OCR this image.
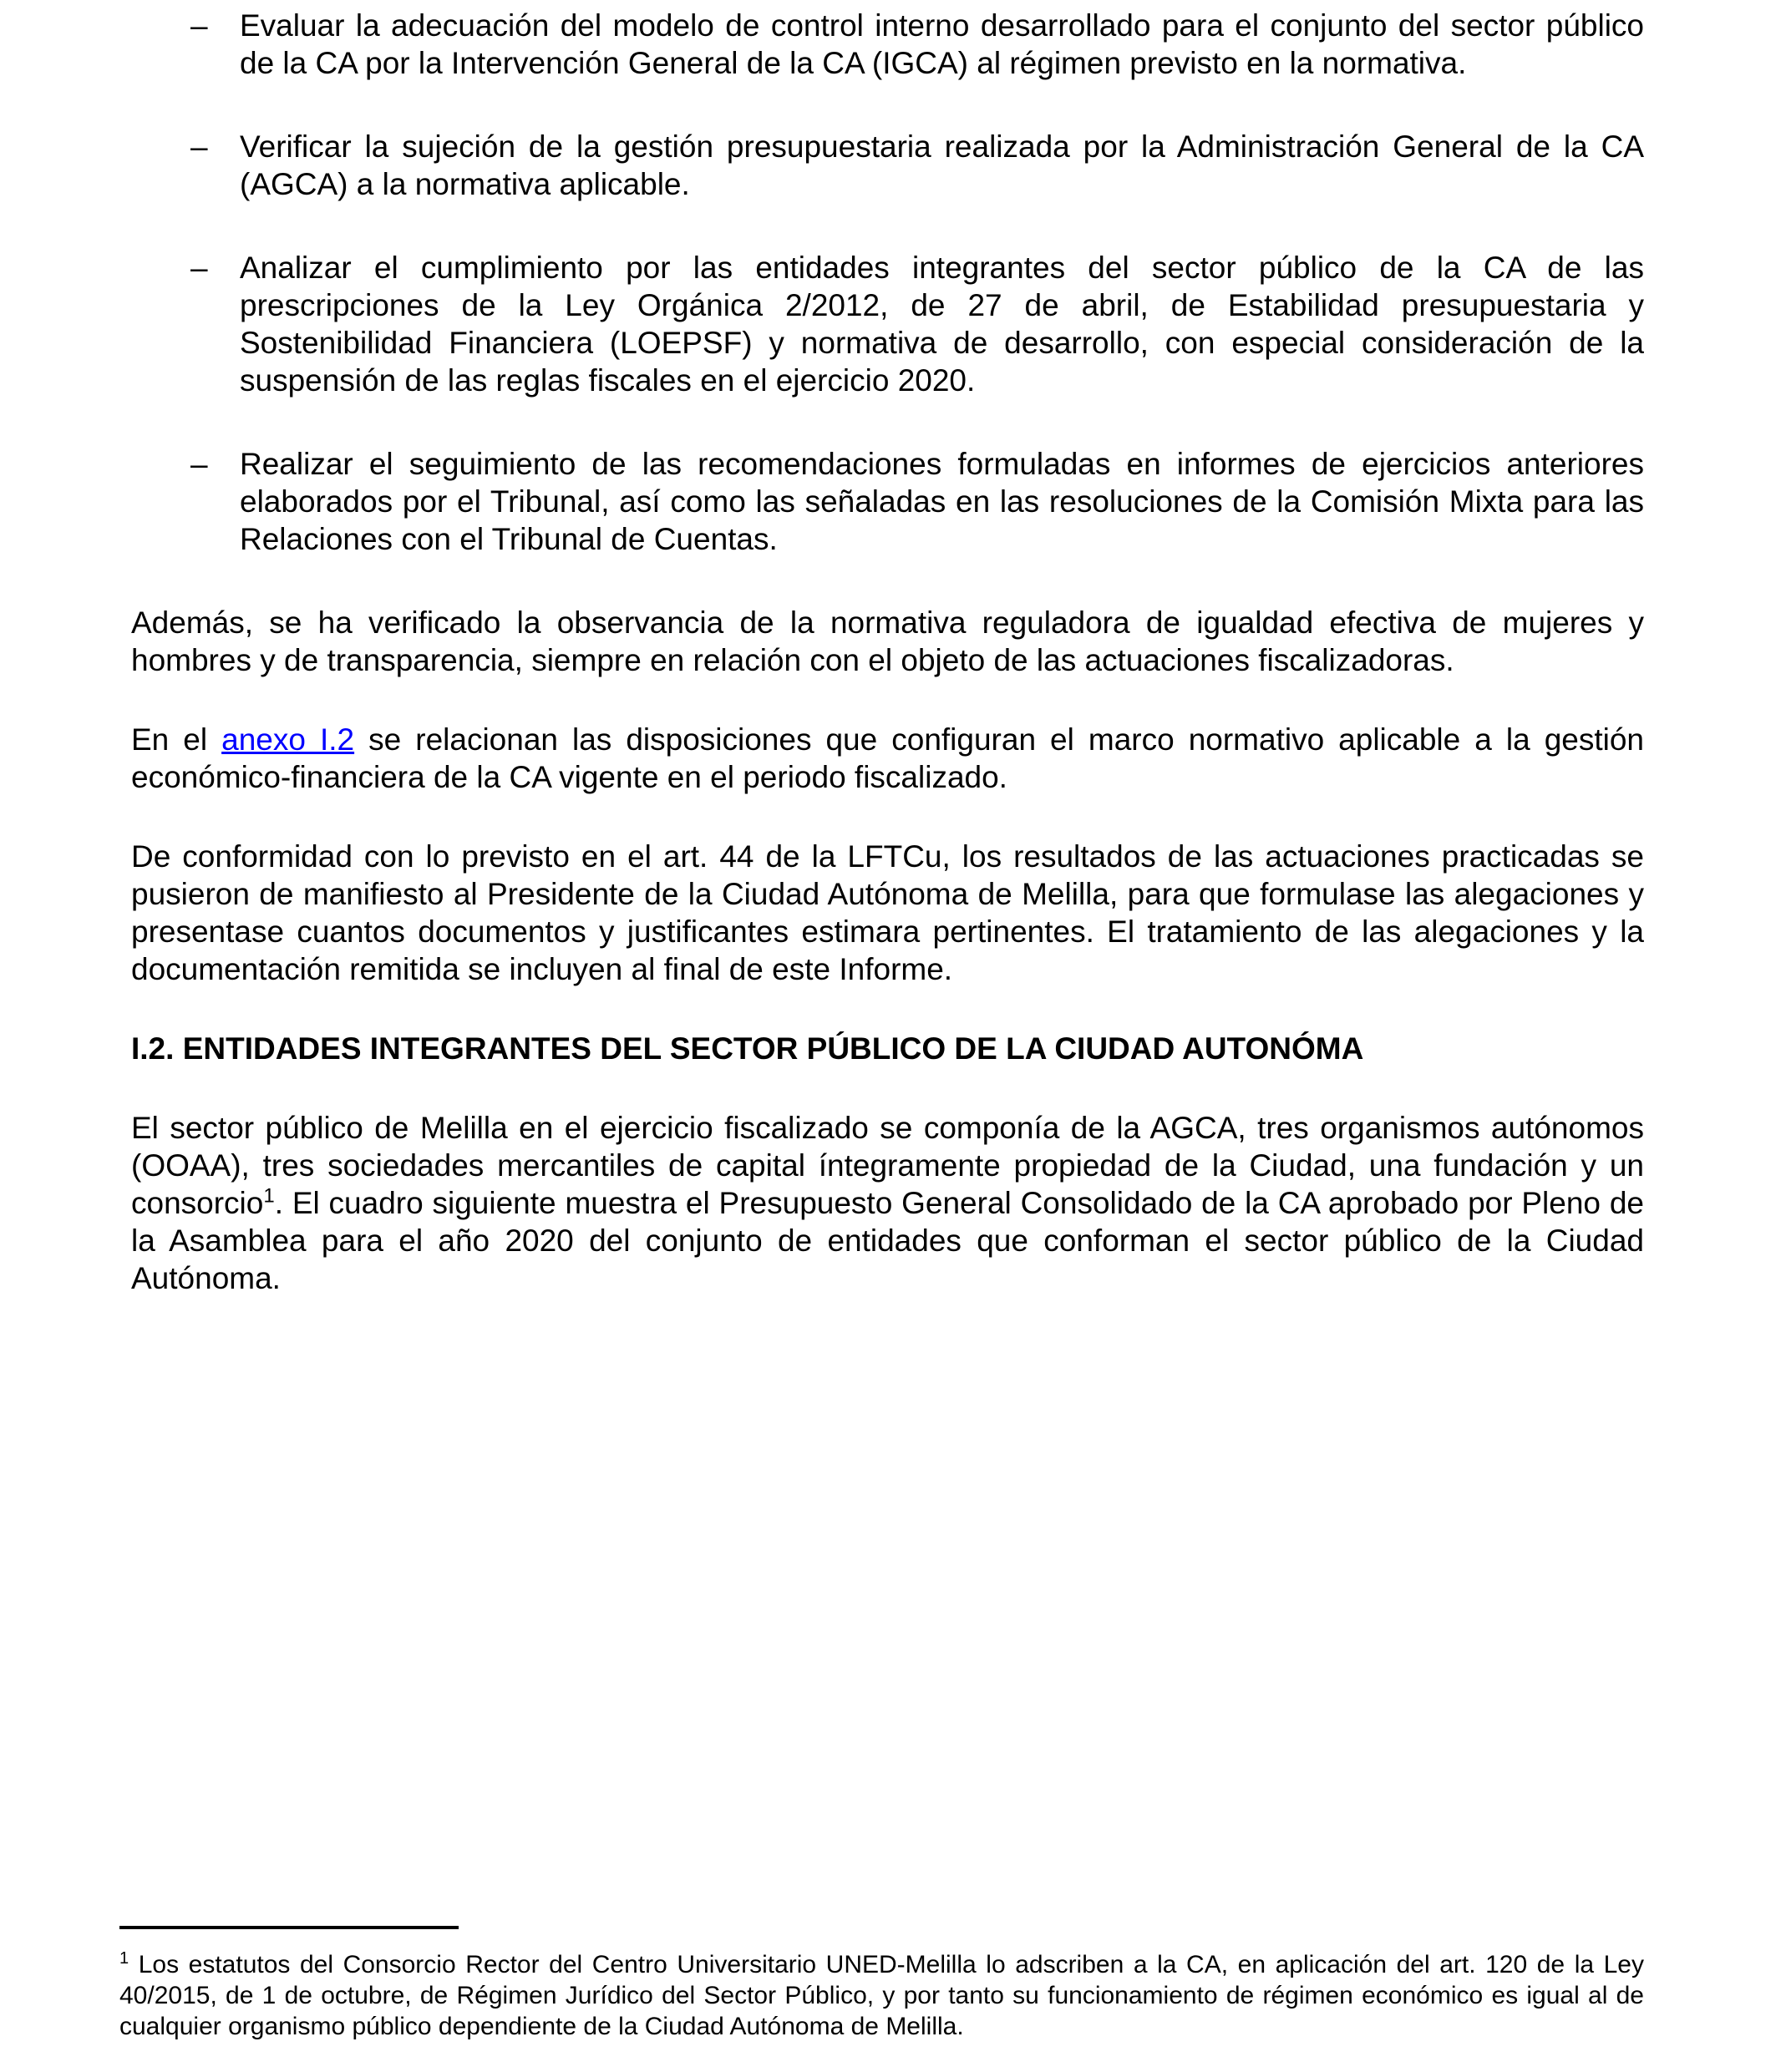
–	Evaluar la adecuación del modelo de control interno desarrollado para el conjunto del sector público de la CA por la Intervención General de la CA (IGCA) al régimen previsto en la normativa.
–	Verificar la sujeción de la gestión presupuestaria realizada por la Administración General de la CA (AGCA) a la normativa aplicable.
–	Analizar el cumplimiento por las entidades integrantes del sector público de la CA de las prescripciones de la Ley Orgánica 2/2012, de 27 de abril, de Estabilidad presupuestaria y Sostenibilidad Financiera (LOEPSF) y normativa de desarrollo, con especial consideración de la suspensión de las reglas fiscales en el ejercicio 2020.
–	Realizar el seguimiento de las recomendaciones formuladas en informes de ejercicios anteriores elaborados por el Tribunal, así como las señaladas en las resoluciones de la Comisión Mixta para las Relaciones con el Tribunal de Cuentas.

Además, se ha verificado la observancia de la normativa reguladora de igualdad efectiva de mujeres y hombres y de transparencia, siempre en relación con el objeto de las actuaciones fiscalizadoras.

En el anexo I.2 se relacionan las disposiciones que configuran el marco normativo aplicable a la gestión económico-financiera de la CA vigente en el periodo fiscalizado.

De conformidad con lo previsto en el art. 44 de la LFTCu, los resultados de las actuaciones practicadas se pusieron de manifiesto al Presidente de la Ciudad Autónoma de Melilla, para que formulase las alegaciones y presentase cuantos documentos y justificantes estimara pertinentes. El tratamiento de las alegaciones y la documentación remitida se incluyen al final de este Informe.

I.2. ENTIDADES INTEGRANTES DEL SECTOR PÚBLICO DE LA CIUDAD AUTONÓMA

El sector público de Melilla en el ejercicio fiscalizado se componía de la AGCA, tres organismos autónomos (OOAA), tres sociedades mercantiles de capital íntegramente propiedad de la Ciudad, una fundación y un consorcio$^1$. El cuadro siguiente muestra el Presupuesto General Consolidado de la CA aprobado por Pleno de la Asamblea para el año 2020 del conjunto de entidades que conforman el sector público de la Ciudad Autónoma.

$^1$ Los estatutos del Consorcio Rector del Centro Universitario UNED-Melilla lo adscriben a la CA, en aplicación del art. 120 de la Ley 40/2015, de 1 de octubre, de Régimen Jurídico del Sector Público, y por tanto su funcionamiento de régimen económico es igual al de cualquier organismo público dependiente de la Ciudad Autónoma de Melilla.
